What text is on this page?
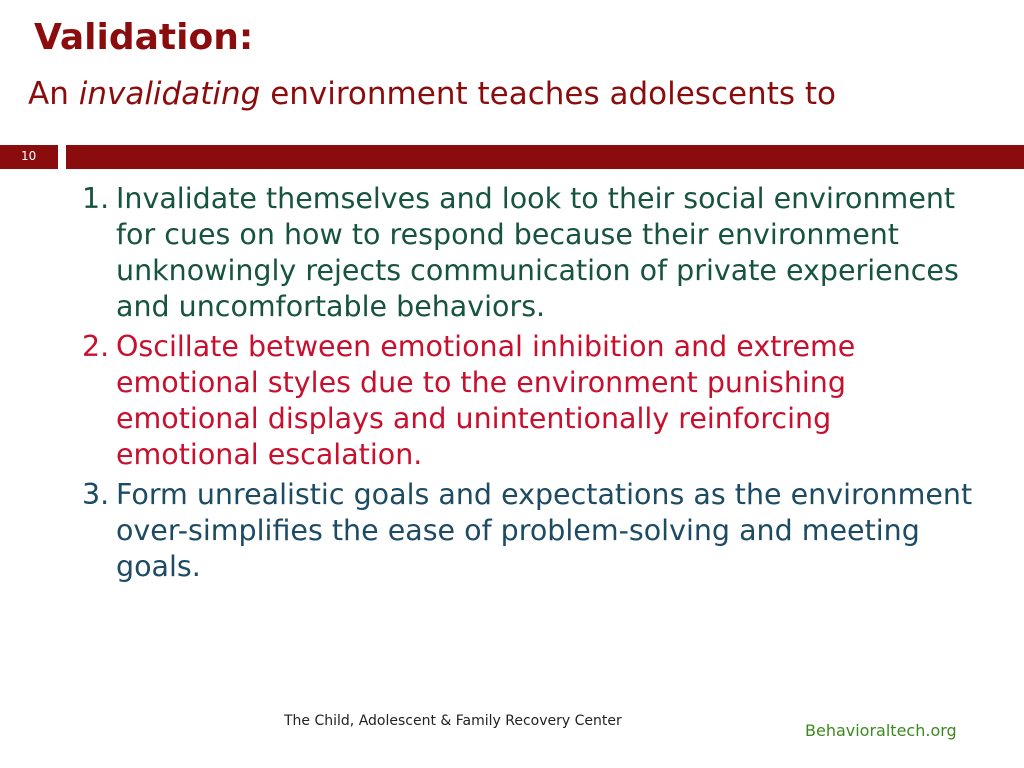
Validation:
An invalidating environment teaches adolescents to
10

1. Invalidate themselves and look to their social environment for cues on how to respond because their environment unknowingly rejects communication of private experiences and uncomfortable behaviors.

2. Oscillate between emotional inhibition and extreme emotional styles due to the environment punishing emotional displays and unintentionally reinforcing emotional escalation.

3. Form unrealistic goals and expectations as the environment over-simplifies the ease of problem-solving and meeting goals.

The Child, Adolescent & Family Recovery Center	Behavioraltech.org
